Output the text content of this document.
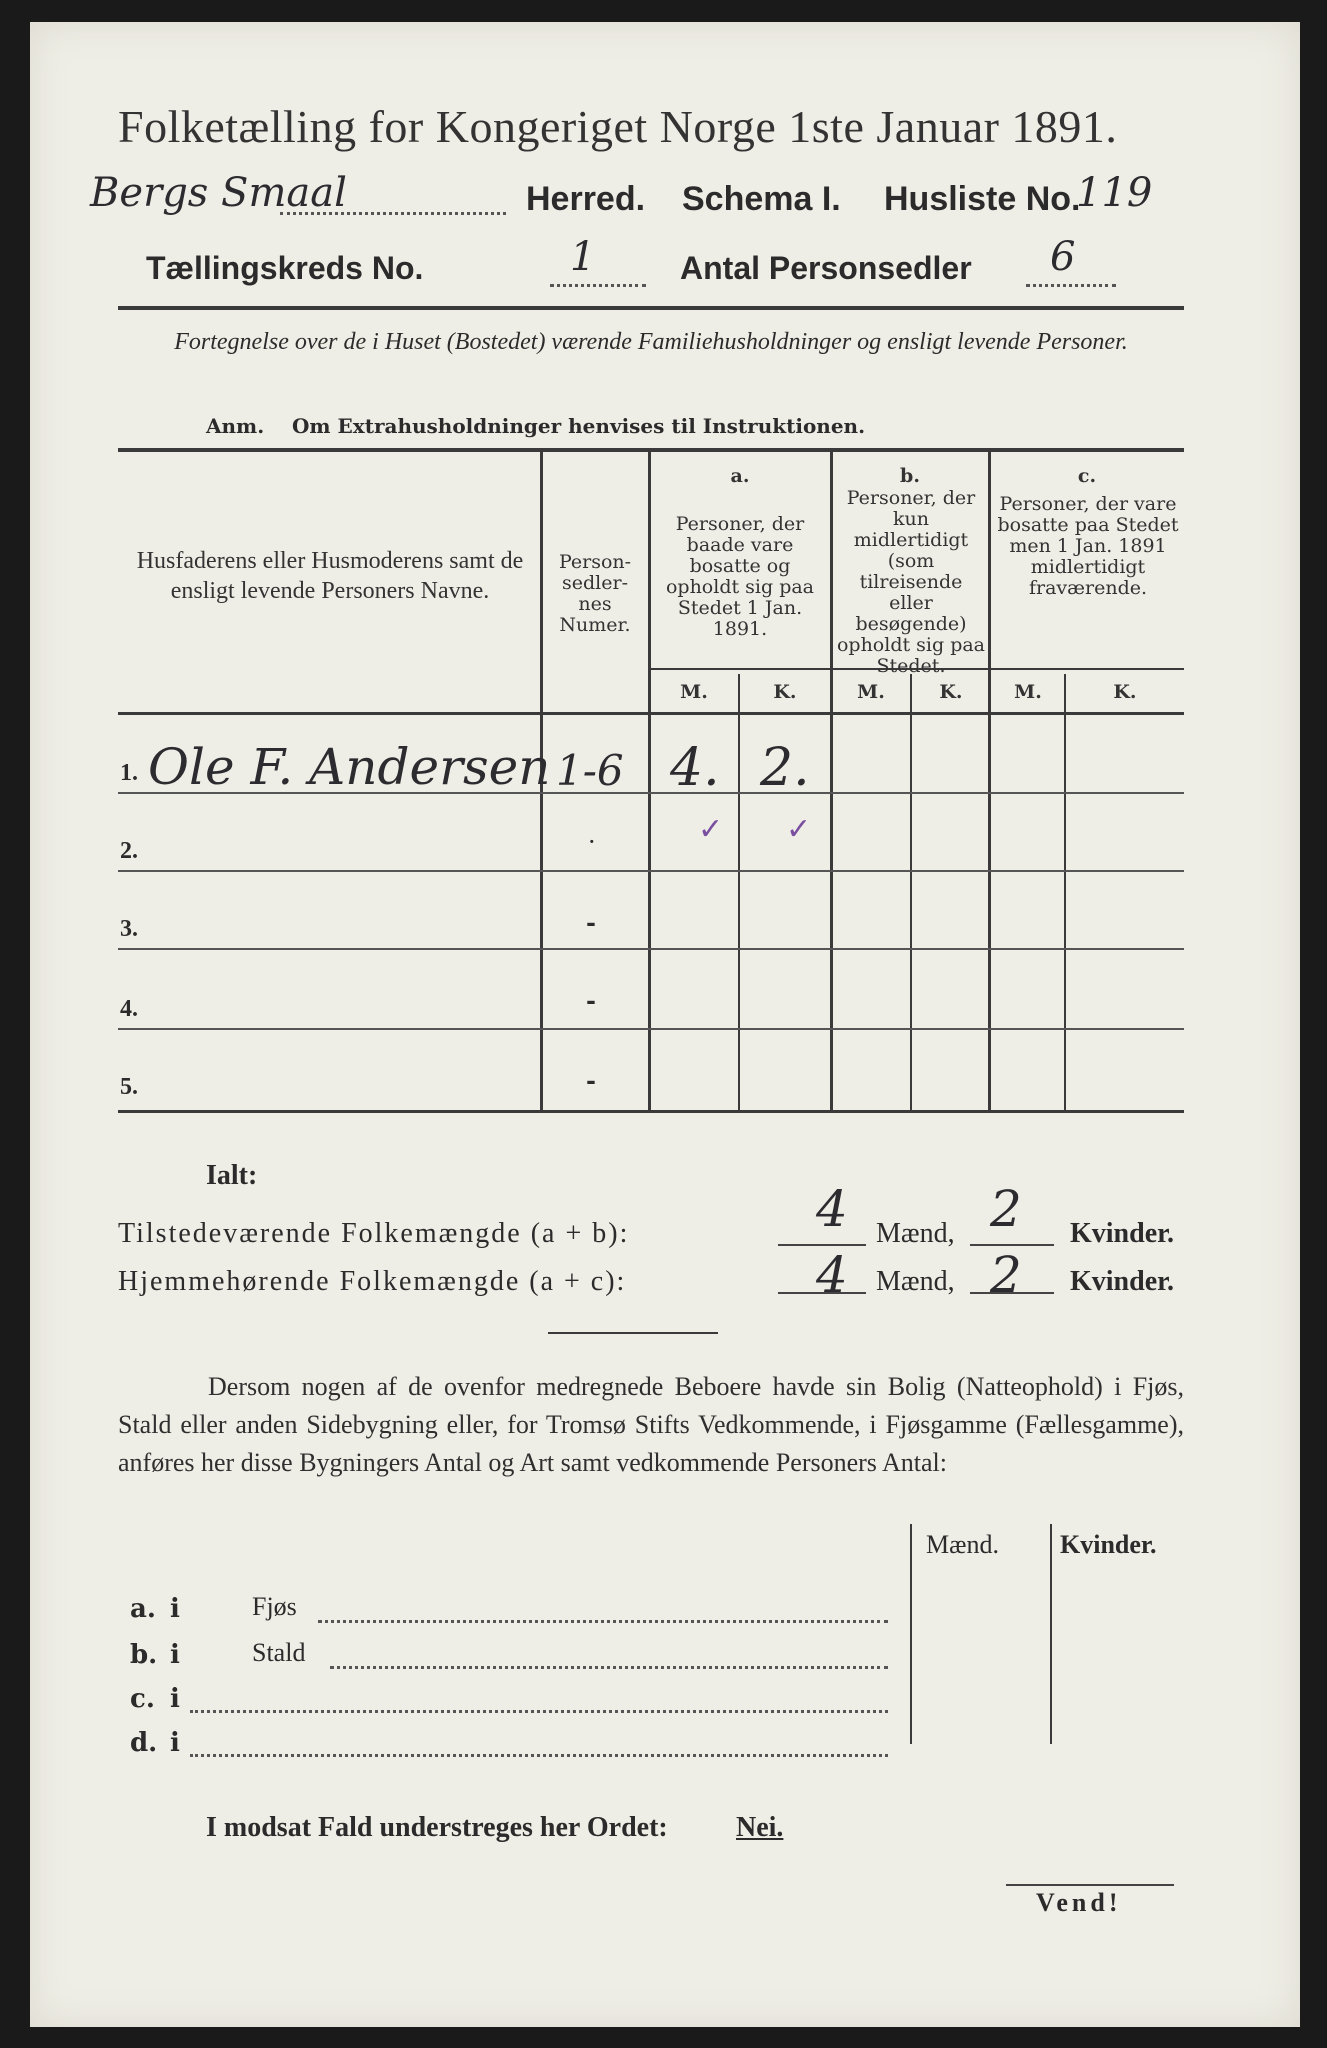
Folketælling for Kongeriget Norge 1ste Januar 1891.
Bergs Smaal	Herred. Schema I. Husliste No.
119
Tællingskreds No.	1	Antal Personsedler 6
Fortegnelse over de i Huset (Bostedet) værende Familiehusholdninger og ensligt levende Personer.
Anm. Om Extrahusholdninger henvises til Instruktionen.
Husfaderens eller Husmoderens samt de ensligt levende Personers Navne.
Personsedlernes Numer.
a.
Personer, der baade vare bosatte og opholdt sig paa Stedet 1 Jan. 1891.
b.
Personer, der kun midlertidigt (som tilreisende eller besøgende) opholdt sig paa Stedet.
c.
Personer, der vare bosatte paa Stedet men 1 Jan. 1891 midlertidigt fraværende.
M.	K.	M.	K.	M.	K.
1. Ole F. Andersen 1-6 4. 2.
2.	·	✓ ✓
3.	-
4.	-
5.	-
Ialt:
Tilstedeværende Folkemængde (a + b):	4 Mænd, 2 Kvinder.
Hjemmehørende Folkemængde (a + c):	4 Mænd, 2 Kvinder.
Dersom nogen af de ovenfor medregnede Beboere havde sin Bolig (Natteophold) i Fjøs, Stald eller anden Sidebygning eller, for Tromsø Stifts Vedkommende, i Fjøsgamme (Fællesgamme), anføres her disse Bygningers Antal og Art samt vedkommende Personers Antal:
Mænd. Kvinder.
a. i	Fjøs
b. i	Stald
c. i
d. i
I modsat Fald understreges her Ordet: Nei.
Vend!
